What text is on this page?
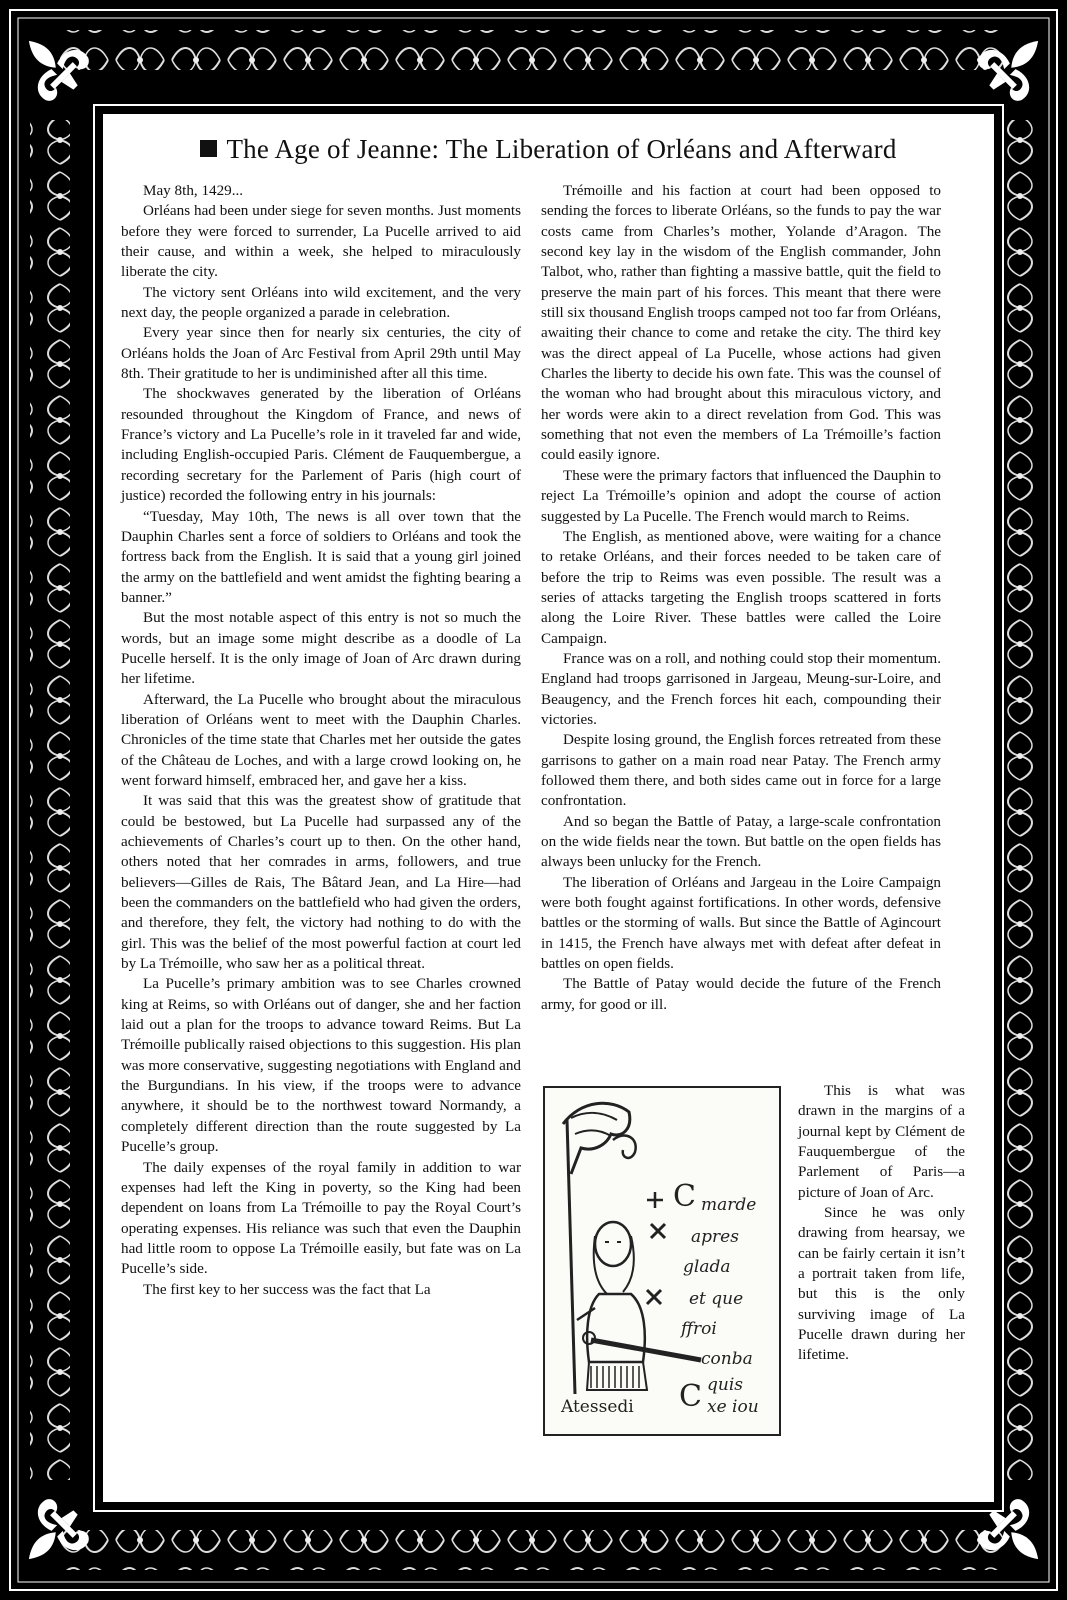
The Age of Jeanne: The Liberation of Orléans and Afterward

May 8th, 1429...

Orléans had been under siege for seven months. Just moments before they were forced to surrender, La Pucelle arrived to aid their cause, and within a week, she helped to miraculously liberate the city.

The victory sent Orléans into wild excitement, and the very next day, the people organized a parade in celebration.

Every year since then for nearly six centuries, the city of Orléans holds the Joan of Arc Festival from April 29th until May 8th. Their gratitude to her is undiminished after all this time.

The shockwaves generated by the liberation of Orléans resounded throughout the Kingdom of France, and news of France’s victory and La Pucelle’s role in it traveled far and wide, including English-occupied Paris. Clément de Fauquembergue, a recording secretary for the Parlement of Paris (high court of justice) recorded the following entry in his journals:

“Tuesday, May 10th, The news is all over town that the Dauphin Charles sent a force of soldiers to Orléans and took the fortress back from the English. It is said that a young girl joined the army on the battlefield and went amidst the fighting bearing a banner.”

But the most notable aspect of this entry is not so much the words, but an image some might describe as a doodle of La Pucelle herself. It is the only image of Joan of Arc drawn during her lifetime.

Afterward, the La Pucelle who brought about the miraculous liberation of Orléans went to meet with the Dauphin Charles. Chronicles of the time state that Charles met her outside the gates of the Château de Loches, and with a large crowd looking on, he went forward himself, embraced her, and gave her a kiss.

It was said that this was the greatest show of gratitude that could be bestowed, but La Pucelle had surpassed any of the achievements of Charles’s court up to then. On the other hand, others noted that her comrades in arms, followers, and true believers—Gilles de Rais, The Bâtard Jean, and La Hire—had been the commanders on the battlefield who had given the orders, and therefore, they felt, the victory had nothing to do with the girl. This was the belief of the most powerful faction at court led by La Trémoille, who saw her as a political threat.

La Pucelle’s primary ambition was to see Charles crowned king at Reims, so with Orléans out of danger, she and her faction laid out a plan for the troops to advance toward Reims. But La Trémoille publically raised objections to this suggestion. His plan was more conservative, suggesting negotiations with England and the Burgundians. In his view, if the troops were to advance anywhere, it should be to the northwest toward Normandy, a completely different direction than the route suggested by La Pucelle’s group.

The daily expenses of the royal family in addition to war expenses had left the King in poverty, so the King had been dependent on loans from La Trémoille to pay the Royal Court’s operating expenses. His reliance was such that even the Dauphin had little room to oppose La Trémoille easily, but fate was on La Pucelle’s side.

The first key to her success was the fact that La

Trémoille and his faction at court had been opposed to sending the forces to liberate Orléans, so the funds to pay the war costs came from Charles’s mother, Yolande d’Aragon. The second key lay in the wisdom of the English commander, John Talbot, who, rather than fighting a massive battle, quit the field to preserve the main part of his forces. This meant that there were still six thousand English troops camped not too far from Orléans, awaiting their chance to come and retake the city. The third key was the direct appeal of La Pucelle, whose actions had given Charles the liberty to decide his own fate. This was the counsel of the woman who had brought about this miraculous victory, and her words were akin to a direct revelation from God. This was something that not even the members of La Trémoille’s faction could easily ignore.

These were the primary factors that influenced the Dauphin to reject La Trémoille’s opinion and adopt the course of action suggested by La Pucelle. The French would march to Reims.

The English, as mentioned above, were waiting for a chance to retake Orléans, and their forces needed to be taken care of before the trip to Reims was even possible. The result was a series of attacks targeting the English troops scattered in forts along the Loire River. These battles were called the Loire Campaign.

France was on a roll, and nothing could stop their momentum. England had troops garrisoned in Jargeau, Meung-sur-Loire, and Beaugency, and the French forces hit each, compounding their victories.

Despite losing ground, the English forces retreated from these garrisons to gather on a main road near Patay. The French army followed them there, and both sides came out in force for a large confrontation.

And so began the Battle of Patay, a large-scale confrontation on the wide fields near the town. But battle on the open fields has always been unlucky for the French.

The liberation of Orléans and Jargeau in the Loire Campaign were both fought against fortifications. In other words, defensive battles or the storming of walls. But since the Battle of Agincourt in 1415, the French have always met with defeat after defeat in battles on open fields.

The Battle of Patay would decide the future of the French army, for good or ill.

C
C
marde
apres
glada
et que
ffroi
conba
quis
xe iou
Atessedi

This is what was drawn in the margins of a journal kept by Clément de Fauquembergue of the Parlement of Paris—a picture of Joan of Arc.

Since he was only drawing from hearsay, we can be fairly certain it isn’t a portrait taken from life, but this is the only surviving image of La Pucelle drawn during her lifetime.
